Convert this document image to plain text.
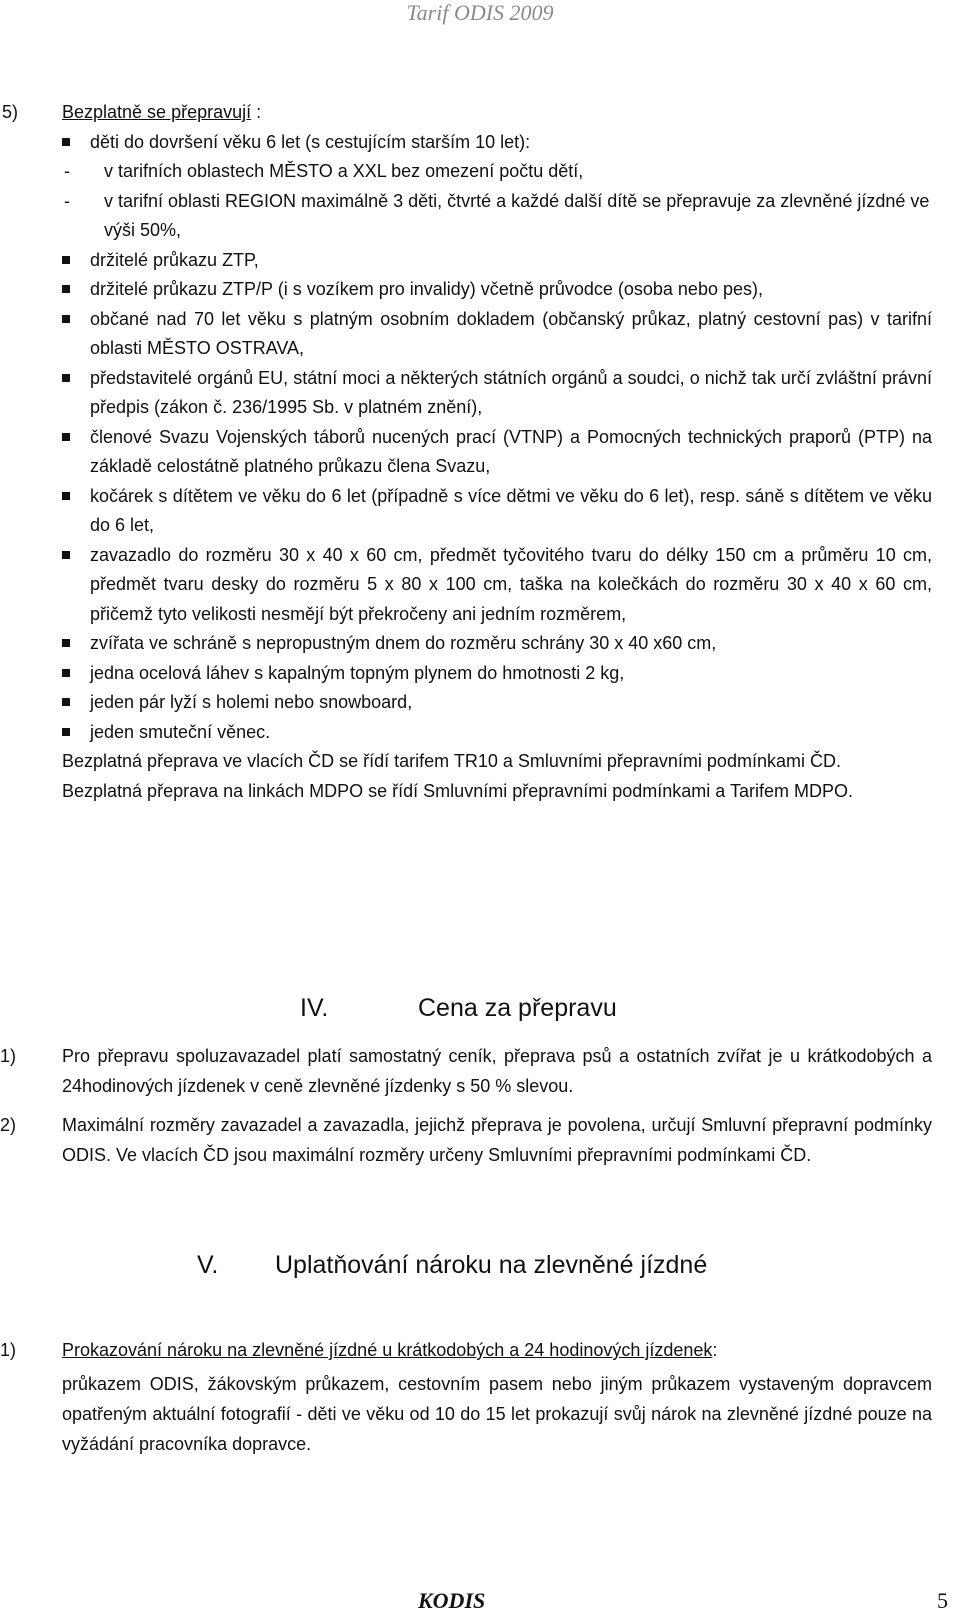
Tarif ODIS 2009
5) Bezplatně se přepravují :
děti do dovršení věku 6 let (s cestujícím starším 10 let):
- v tarifních oblastech MĚSTO a XXL bez omezení počtu dětí,
- v tarifní oblasti REGION maximálně 3 děti, čtvrté a každé další dítě se přepravuje za zlevněné jízdné ve výši 50%,
držitelé průkazu ZTP,
držitelé průkazu ZTP/P (i s vozíkem pro invalidy) včetně průvodce (osoba nebo pes),
občané nad 70 let věku s platným osobním dokladem (občanský průkaz, platný cestovní pas) v tarifní oblasti MĚSTO OSTRAVA,
představitelé orgánů EU, státní moci a některých státních orgánů a soudci, o nichž tak určí zvláštní právní předpis (zákon č. 236/1995 Sb. v platném znění),
členové Svazu Vojenských táborů nucených prací (VTNP) a Pomocných technických praporů (PTP) na základě celostátně platného průkazu člena Svazu,
kočárek s dítětem ve věku do 6 let (případně s více dětmi ve věku do 6 let), resp. sáně s dítětem ve věku do 6 let,
zavazadlo do rozměru 30 x 40 x 60 cm, předmět tyčovitého tvaru do délky 150 cm a průměru 10 cm, předmět tvaru desky do rozměru 5 x 80 x 100 cm, taška na kolečkách do rozměru 30 x 40 x 60 cm, přičemž tyto velikosti nesmějí být překročeny ani jedním rozměrem,
zvířata ve schráně s nepropustným dnem do rozměru schrány 30 x 40 x60 cm,
jedna ocelová láhev s kapalným topným plynem do hmotnosti 2 kg,
jeden pár lyží s holemi nebo snowboard,
jeden smuteční věnec.
Bezplatná přeprava ve vlacích ČD se řídí tarifem TR10 a Smluvními přepravními podmínkami ČD.
Bezplatná přeprava na linkách MDPO se řídí Smluvními přepravními podmínkami a Tarifem MDPO.
IV.	Cena za přepravu
1)	Pro přepravu spoluzavazadel platí samostatný ceník, přeprava psů a ostatních zvířat je u krátkodobých a 24hodinových jízdenek v ceně zlevněné jízdenky s 50 % slevou.
2)	Maximální rozměry zavazadel a zavazadla, jejichž přeprava je povolena, určují Smluvní přepravní podmínky ODIS. Ve vlacích ČD jsou maximální rozměry určeny Smluvními přepravními podmínkami ČD.
V. Uplatňování nároku na zlevněné jízdné
1)	Prokazování nároku na zlevněné jízdné u krátkodobých a 24 hodinových jízdenek:
průkazem ODIS, žákovským průkazem, cestovním pasem nebo jiným průkazem vystaveným dopravcem opatřeným aktuální fotografií - děti ve věku od 10 do 15 let prokazují svůj nárok na zlevněné jízdné pouze na vyžádání pracovníka dopravce.
KODIS	5
